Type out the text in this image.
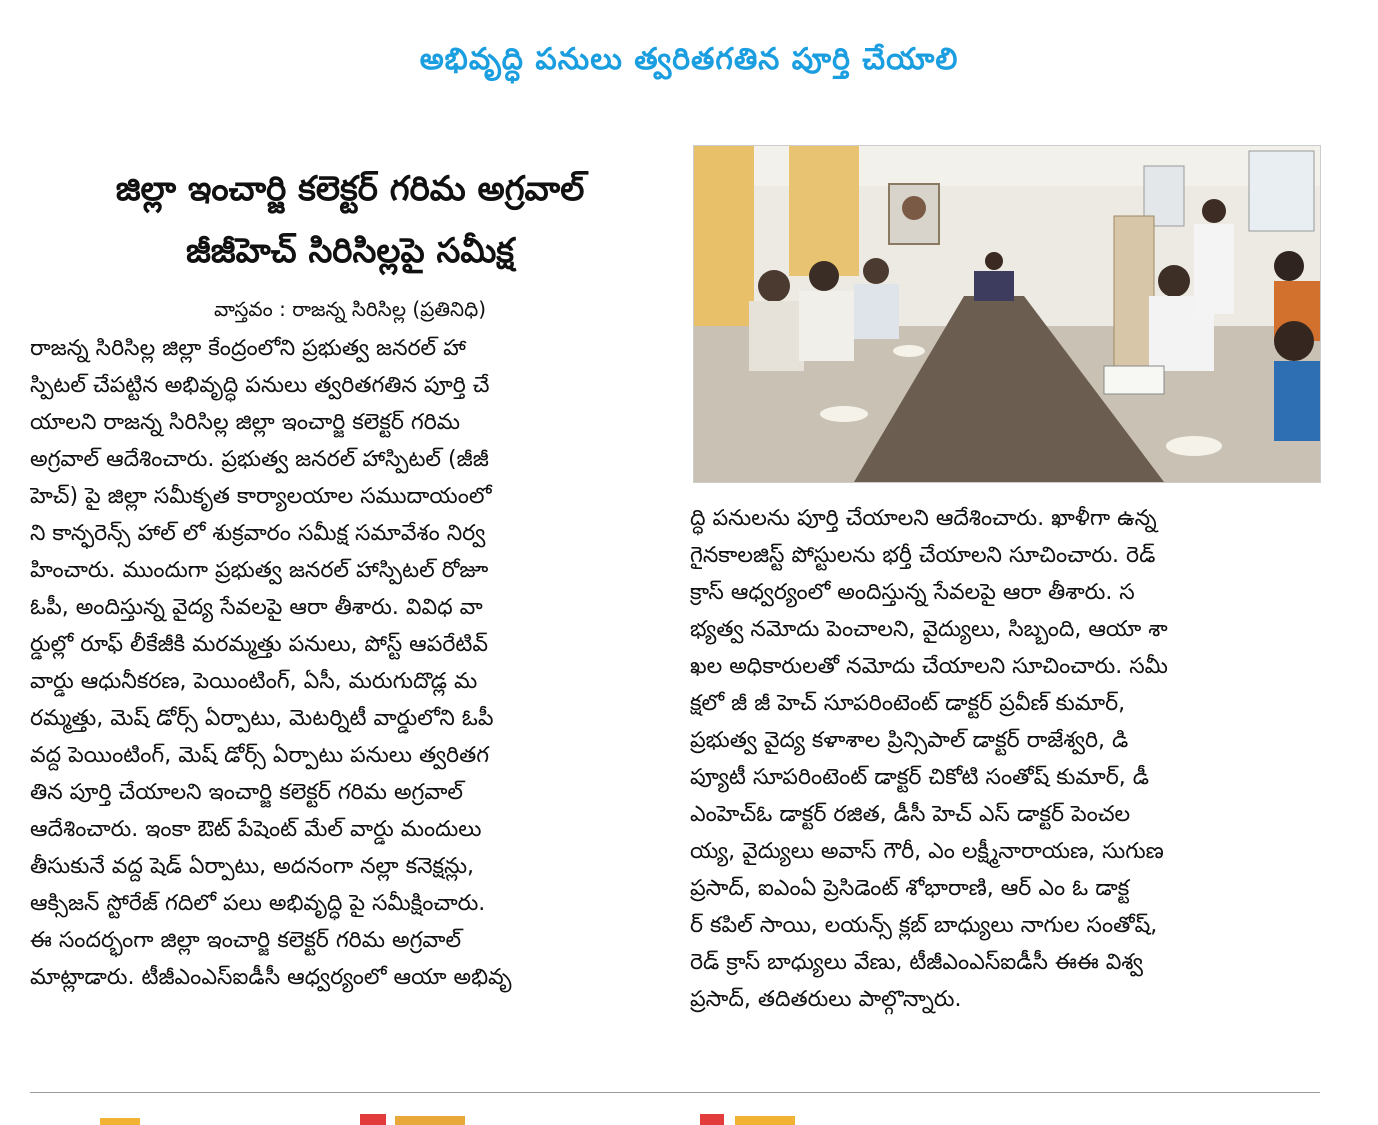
అభివృద్ధి పనులు త్వరితగతిన పూర్తి చేయాలి
జిల్లా ఇంచార్జి కలెక్టర్ గరిమ అగ్రవాల్
జీజీహెచ్ సిరిసిల్లపై సమీక్ష
వాస్తవం : రాజన్న సిరిసిల్ల (ప్రతినిధి)
రాజన్న సిరిసిల్ల జిల్లా కేంద్రంలోని ప్రభుత్వ జనరల్ హా
స్పిటల్ చేపట్టిన అభివృద్ధి పనులు త్వరితగతిన పూర్తి చే
యాలని రాజన్న సిరిసిల్ల జిల్లా ఇంచార్జి కలెక్టర్ గరిమ
అగ్రవాల్ ఆదేశించారు. ప్రభుత్వ జనరల్ హాస్పిటల్ (జీజీ
హెచ్) పై జిల్లా సమీకృత కార్యాలయాల సముదాయంలో
ని కాన్ఫరెన్స్ హాల్ లో శుక్రవారం సమీక్ష సమావేశం నిర్వ
హించారు. ముందుగా ప్రభుత్వ జనరల్ హాస్పిటల్ రోజూ
ఓపీ, అందిస్తున్న వైద్య సేవలపై ఆరా తీశారు. వివిధ వా
ర్డుల్లో రూఫ్ లీకేజీకి మరమ్మత్తు పనులు, పోస్ట్ ఆపరేటివ్
వార్డు ఆధునీకరణ, పెయింటింగ్, ఏసీ, మరుగుదొడ్ల మ
రమ్మత్తు, మెష్ డోర్స్ ఏర్పాటు, మెటర్నిటీ వార్డులోని ఓపీ
వద్ద పెయింటింగ్, మెష్ డోర్స్ ఏర్పాటు పనులు త్వరితగ
తిన పూర్తి చేయాలని ఇంచార్జి కలెక్టర్ గరిమ అగ్రవాల్
ఆదేశించారు. ఇంకా ఔట్ పేషెంట్ మేల్ వార్డు మందులు
తీసుకునే వద్ద షెడ్ ఏర్పాటు, అదనంగా నల్లా కనెక్షన్లు,
ఆక్సిజన్ స్టోరేజ్ గదిలో పలు అభివృద్ధి పై సమీక్షించారు.
ఈ సందర్భంగా జిల్లా ఇంచార్జి కలెక్టర్ గరిమ అగ్రవాల్
మాట్లాడారు. టీజీఎంఎస్ఐడీసీ ఆధ్వర్యంలో ఆయా అభివృ
ద్ధి పనులను పూర్తి చేయాలని ఆదేశించారు. ఖాళీగా ఉన్న
గైనకాలజిస్ట్ పోస్టులను భర్తీ చేయాలని సూచించారు. రెడ్
క్రాస్ ఆధ్వర్యంలో అందిస్తున్న సేవలపై ఆరా తీశారు. స
భ్యత్వ నమోదు పెంచాలని, వైద్యులు, సిబ్బంది, ఆయా శా
ఖల అధికారులతో నమోదు చేయాలని సూచించారు. సమీ
క్షలో జీ జీ హెచ్ సూపరింటెంట్ డాక్టర్ ప్రవీణ్ కుమార్,
ప్రభుత్వ వైద్య కళాశాల ప్రిన్సిపాల్ డాక్టర్ రాజేశ్వరి, డి
ప్యూటీ సూపరింటెంట్ డాక్టర్ చికోటి సంతోష్ కుమార్, డీ
ఎంహెచ్ఓ డాక్టర్ రజిత, డీసీ హెచ్ ఎస్ డాక్టర్ పెంచల
య్య, వైద్యులు అవాస్ గౌరీ, ఎం లక్ష్మీనారాయణ, సుగుణ
ప్రసాద్, ఐఎంఏ ప్రెసిడెంట్ శోభారాణి, ఆర్ ఎం ఓ డాక్ట
ర్ కపిల్ సాయి, లయన్స్ క్లబ్ బాధ్యులు నాగుల సంతోష్,
రెడ్ క్రాస్ బాధ్యులు వేణు, టీజీఎంఎస్ఐడీసీ ఈఈ విశ్వ
ప్రసాద్, తదితరులు పాల్గొన్నారు.
